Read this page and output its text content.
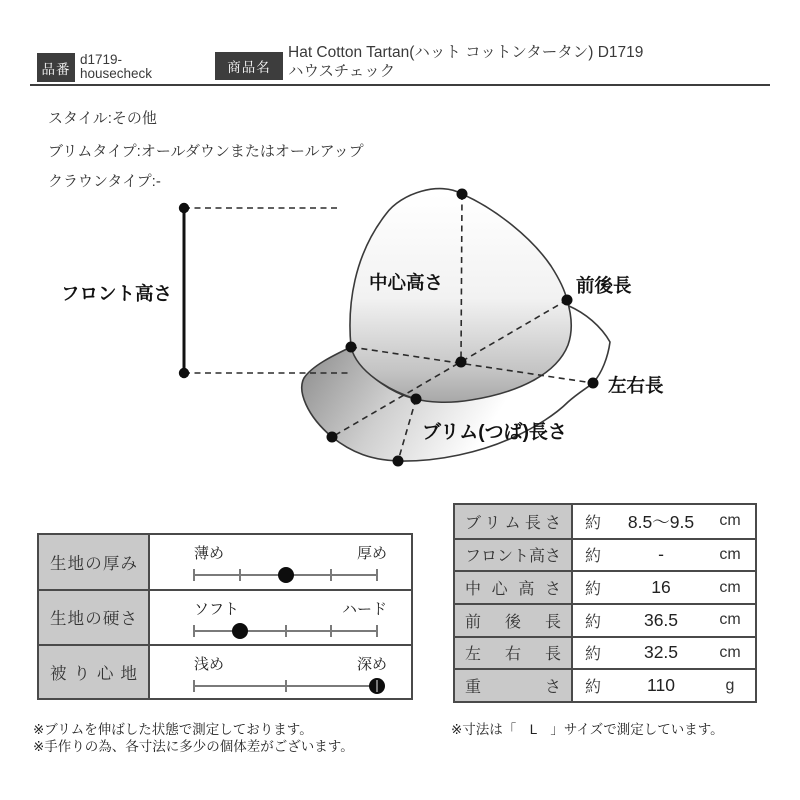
品番
d1719-
housecheck	商品名
Hat Cotton Tartan(ハット コットンタータン) D1719
ハウスチェック
スタイル:その他
ブリムタイプ:オールダウンまたはオールアップ
クラウンタイプ:-
フロント高さ
中心高さ	前後長
左右長
ブリム(つば)長さ
生地の厚み
薄め	厚め
生地の硬さ
ソフト	ハード
被り心地
浅め	深め
ブリム長さ 約	8.5～9.5	cm
フロント高さ 約	-	cm
中心高さ 約	16	cm
前後長 約	36.5	cm
左右長 約	32.5	cm
重さ 約	110	g
※ブリムを伸ばした状態で測定しております。
※手作りの為、各寸法に多少の個体差がございます。
※寸法は「　L　」サイズで測定しています。
